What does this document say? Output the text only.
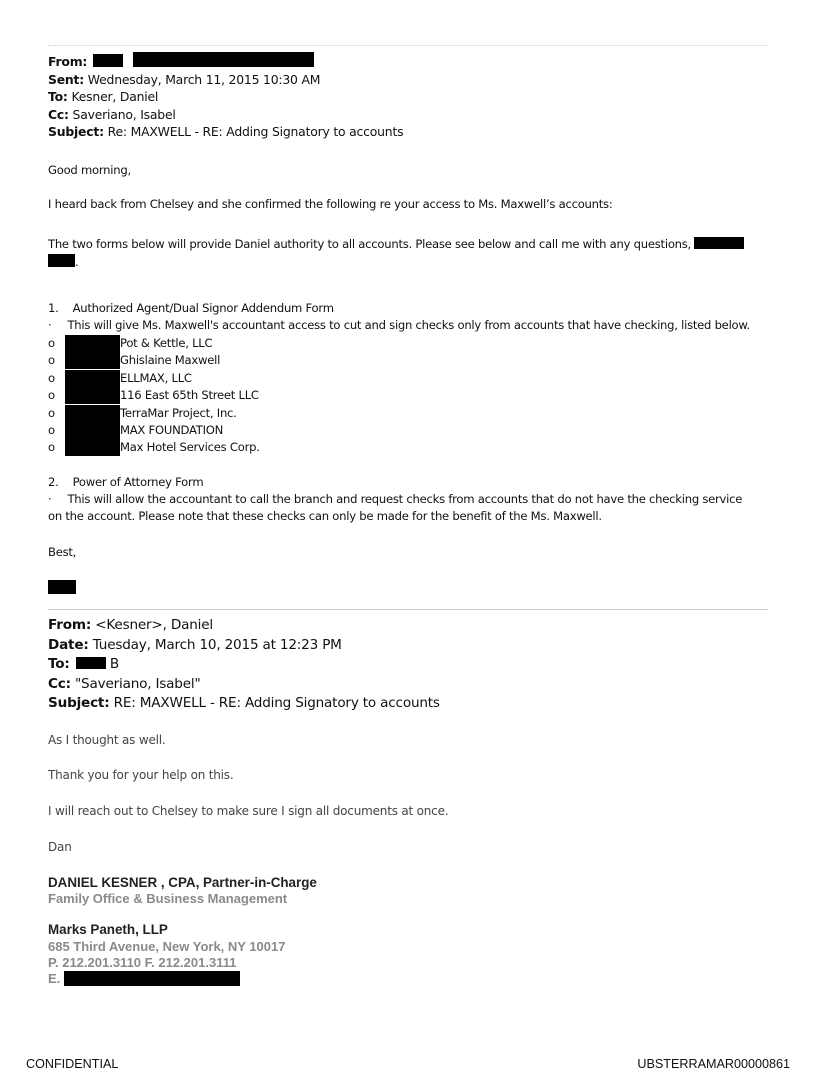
From:
Sent: Wednesday, March 11, 2015 10:30 AM
To: Kesner, Daniel
Cc: Saveriano, Isabel
Subject: Re: MAXWELL - RE: Adding Signatory to accounts
Good morning,
I heard back from Chelsey and she confirmed the following re your access to Ms. Maxwell’s accounts:
The two forms below will provide Daniel authority to all accounts. Please see below and call me with any questions,
.
1. Authorized Agent/Dual Signor Addendum Form
· This will give Ms. Maxwell's accountant access to cut and sign checks only from accounts that have checking, listed below.
o	Pot & Kettle, LLC
o	Ghislaine Maxwell
o	ELLMAX, LLC
o	116 East 65th Street LLC
o	TerraMar Project, Inc.
o	MAX FOUNDATION
o	Max Hotel Services Corp.
2. Power of Attorney Form
· This will allow the accountant to call the branch and request checks from accounts that do not have the checking service
on the account. Please note that these checks can only be made for the benefit of the Ms. Maxwell.
Best,
From: <Kesner>, Daniel
Date: Tuesday, March 10, 2015 at 12:23 PM
To:	B
Cc: "Saveriano, Isabel"
Subject: RE: MAXWELL - RE: Adding Signatory to accounts
As I thought as well.
Thank you for your help on this.
I will reach out to Chelsey to make sure I sign all documents at once.
Dan
DANIEL KESNER , CPA, Partner-in-Charge
Family Office & Business Management
Marks Paneth, LLP
685 Third Avenue, New York, NY 10017
P. 212.201.3110 F. 212.201.3111
E.
CONFIDENTIAL	UBSTERRAMAR00000861
